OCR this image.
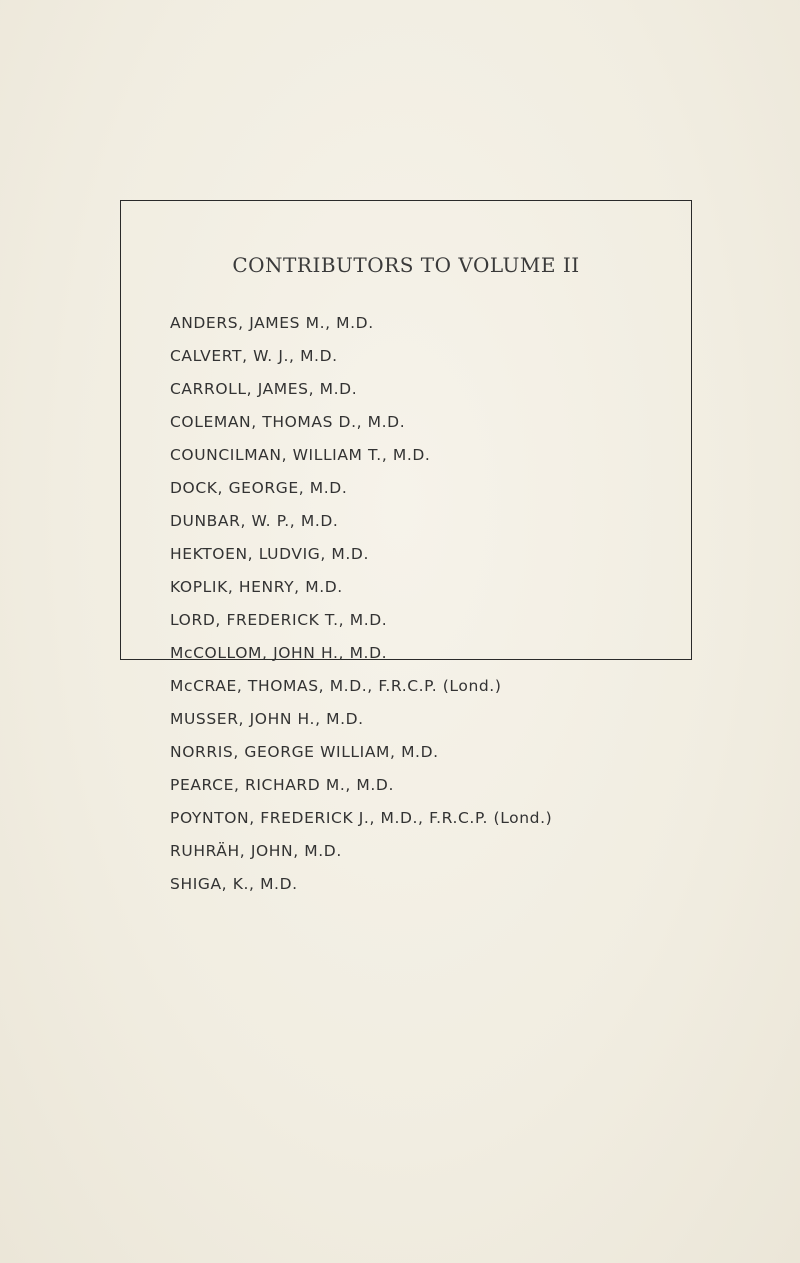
CONTRIBUTORS TO VOLUME II
ANDERS, JAMES M., M.D.
CALVERT, W. J., M.D.
CARROLL, JAMES, M.D.
COLEMAN, THOMAS D., M.D.
COUNCILMAN, WILLIAM T., M.D.
DOCK, GEORGE, M.D.
DUNBAR, W. P., M.D.
HEKTOEN, LUDVIG, M.D.
KOPLIK, HENRY, M.D.
LORD, FREDERICK T., M.D.
McCOLLOM, JOHN H., M.D.
McCRAE, THOMAS, M.D., F.R.C.P. (Lond.)
MUSSER, JOHN H., M.D.
NORRIS, GEORGE WILLIAM, M.D.
PEARCE, RICHARD M., M.D.
POYNTON, FREDERICK J., M.D., F.R.C.P. (Lond.)
RUHRÄH, JOHN, M.D.
SHIGA, K., M.D.
